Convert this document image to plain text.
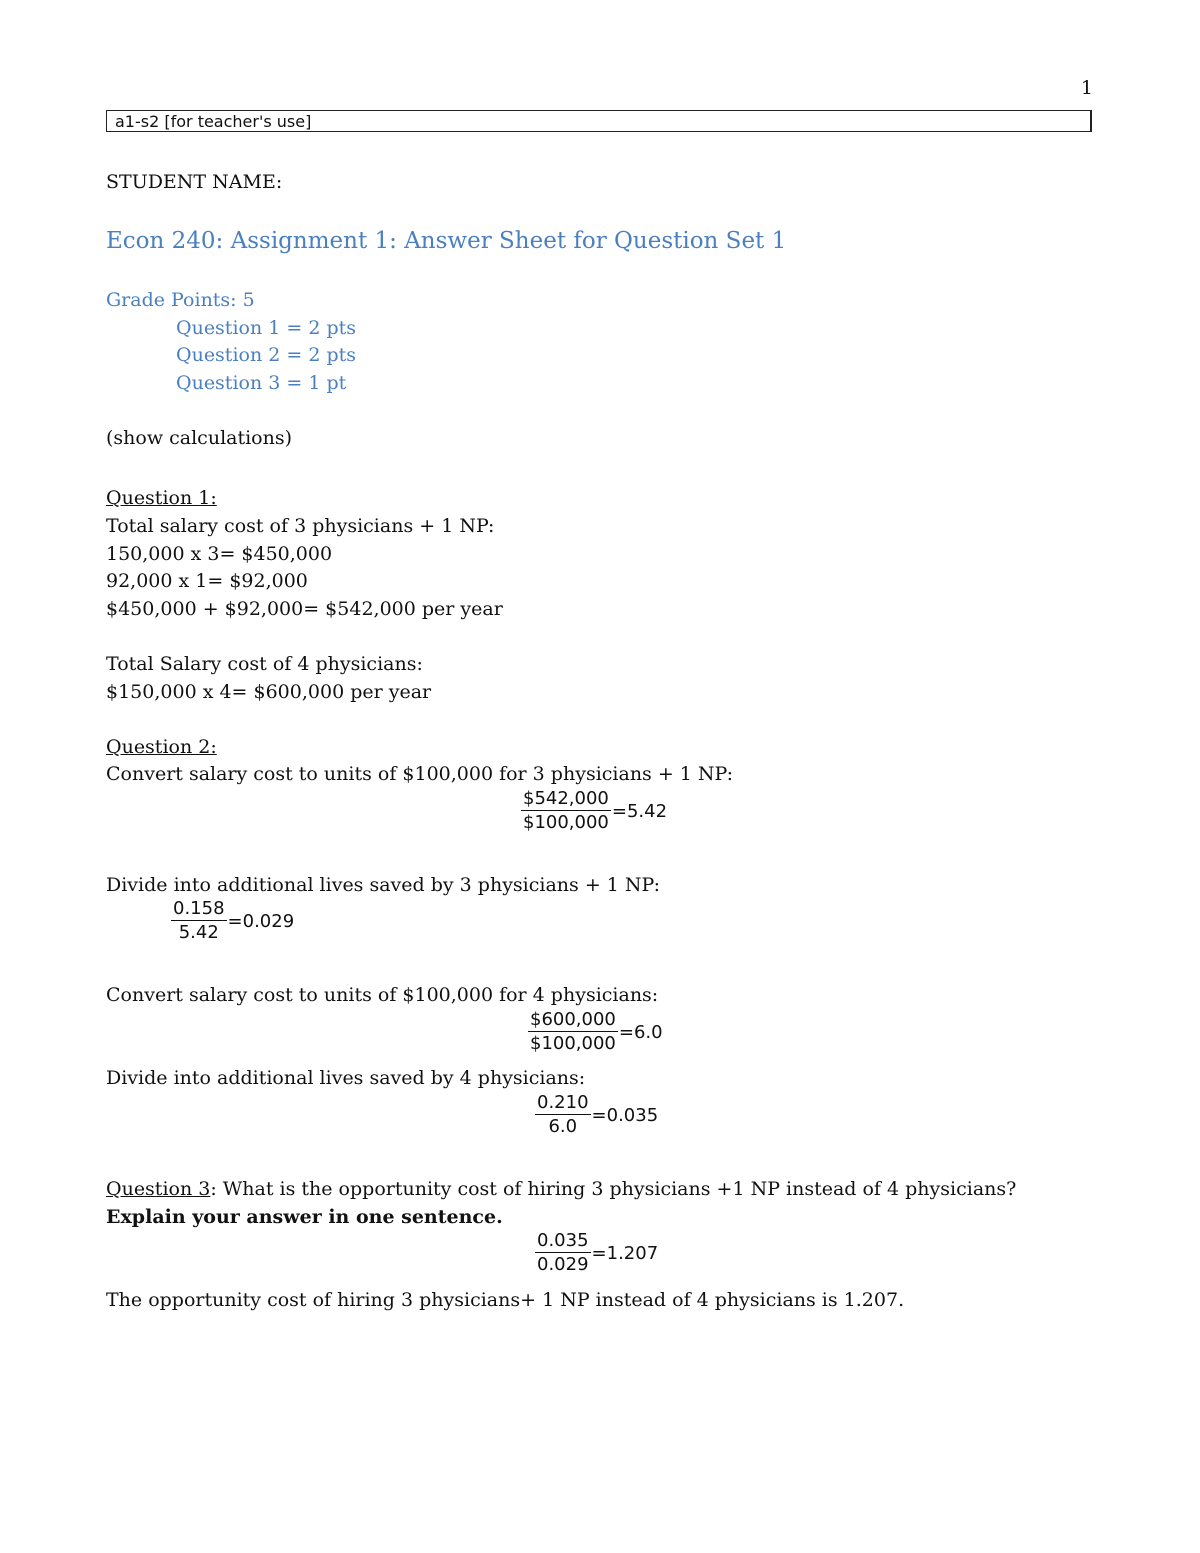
1
a1-s2 [for teacher's use]
STUDENT NAME:
Econ 240: Assignment 1: Answer Sheet for Question Set 1
Grade Points: 5
Question 1 = 2 pts
Question 2 = 2 pts
Question 3 = 1 pt
(show calculations)
Question 1:
Total salary cost of 3 physicians + 1 NP:
150,000 x 3= $450,000
92,000 x 1= $92,000
$450,000 + $92,000= $542,000 per year
Total Salary cost of 4 physicians:
$150,000 x 4= $600,000 per year
Question 2:
Convert salary cost to units of $100,000 for 3 physicians + 1 NP:
$\frac{\$542,000}{\$100,000} =5.42$
Divide into additional lives saved by 3 physicians + 1 NP:
$\frac{0.158}{5.42} =0.029$
Convert salary cost to units of $100,000 for 4 physicians:
$\frac{\$600,000}{\$100,000} =6.0$
Divide into additional lives saved by 4 physicians:
$\frac{0.210}{6.0} =0.035$
Question 3: What is the opportunity cost of hiring 3 physicians +1 NP instead of 4 physicians?
Explain your answer in one sentence.
$\frac{0.035}{0.029} =1.207$
The opportunity cost of hiring 3 physicians+ 1 NP instead of 4 physicians is 1.207.
